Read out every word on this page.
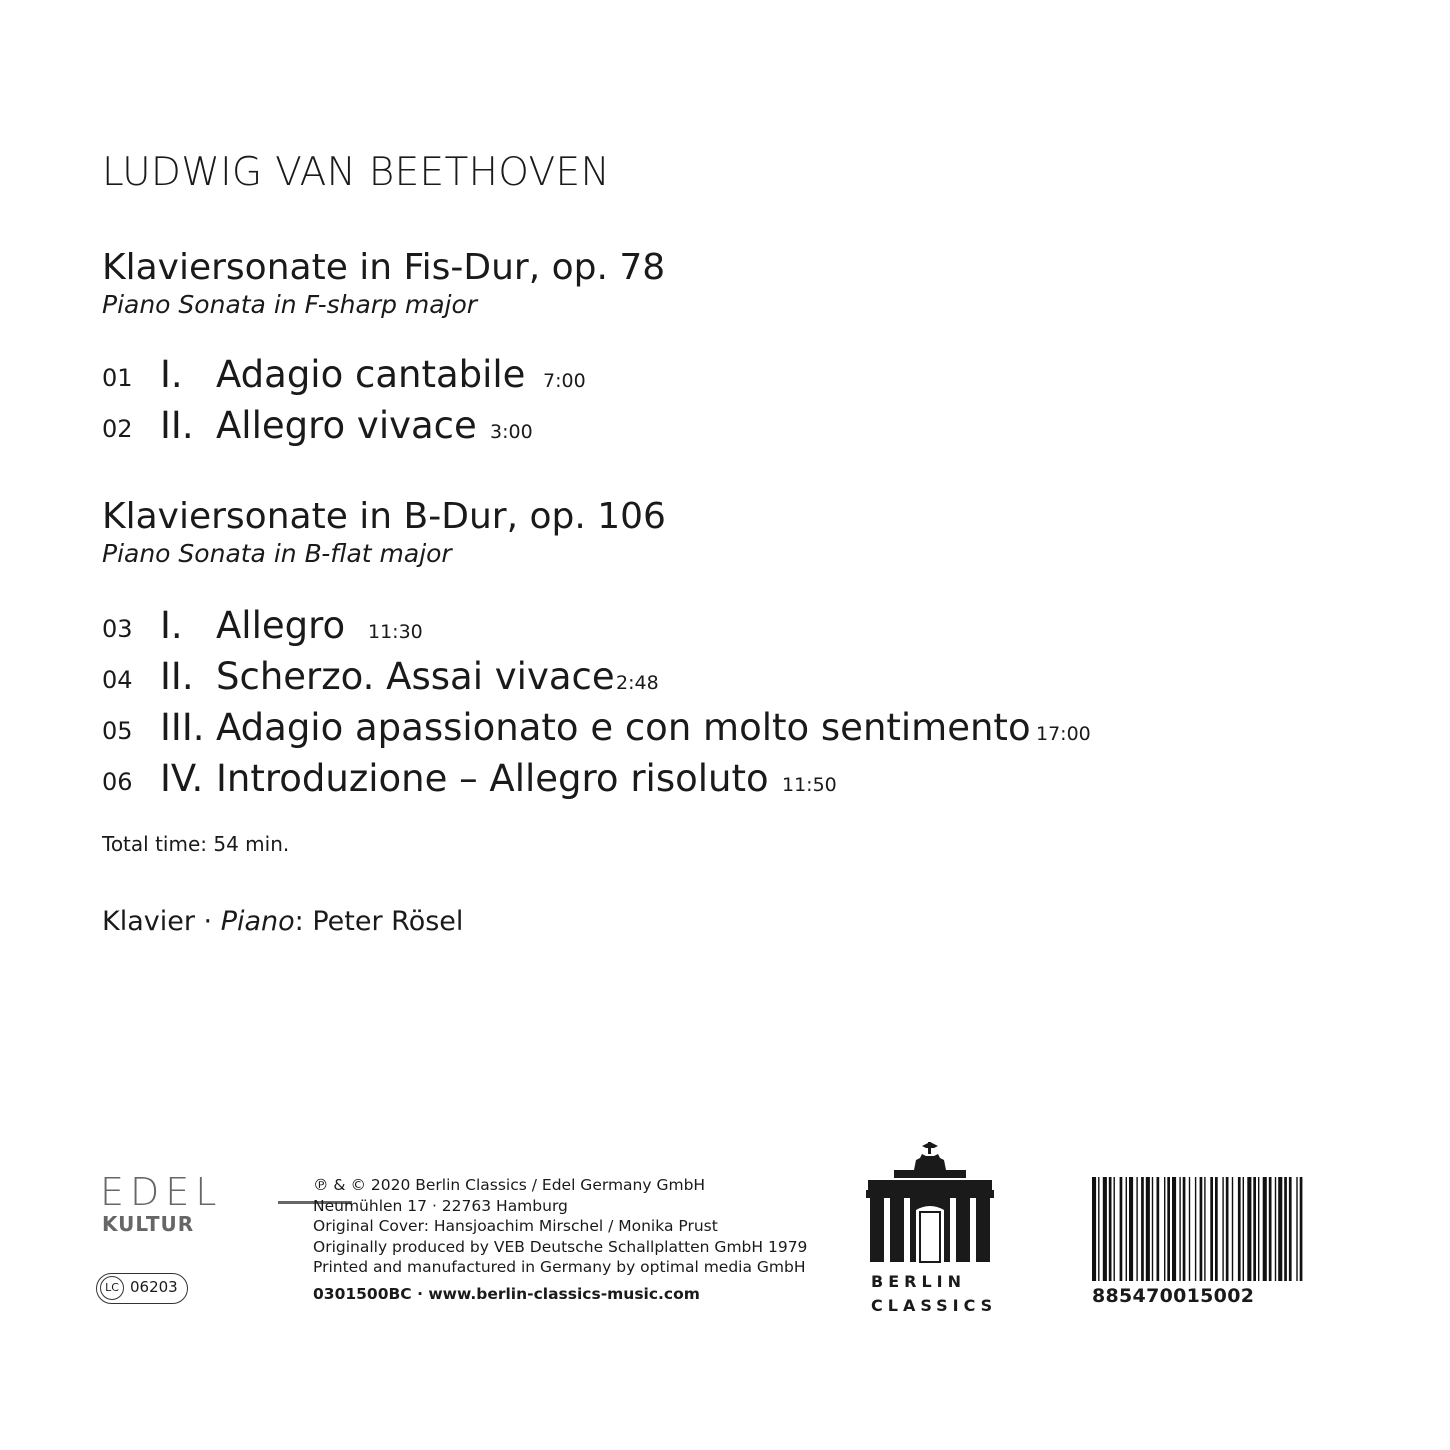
LUDWIG VAN BEETHOVEN
Klaviersonate in Fis-Dur, op. 78
Piano Sonata in F-sharp major
01 I. Adagio cantabile 7:00
02 II. Allegro vivace 3:00
Klaviersonate in B-Dur, op. 106
Piano Sonata in B-flat major
03 I. Allegro 11:30
04 II. Scherzo. Assai vivace 2:48
05 III. Adagio apassionato e con molto sentimento 17:00
06 IV. Introduzione – Allegro risoluto 11:50
Total time: 54 min.
Klavier · Piano: Peter Rösel
EDEL
KULTUR
LC 06203
℗ & © 2020 Berlin Classics / Edel Germany GmbH
Neumühlen 17 · 22763 Hamburg
Original Cover: Hansjoachim Mirschel / Monika Prust
Originally produced by VEB Deutsche Schallplatten GmbH 1979
Printed and manufactured in Germany by optimal media GmbH
0301500BC · www.berlin-classics-music.com
BERLIN
CLASSICS	885470015002
